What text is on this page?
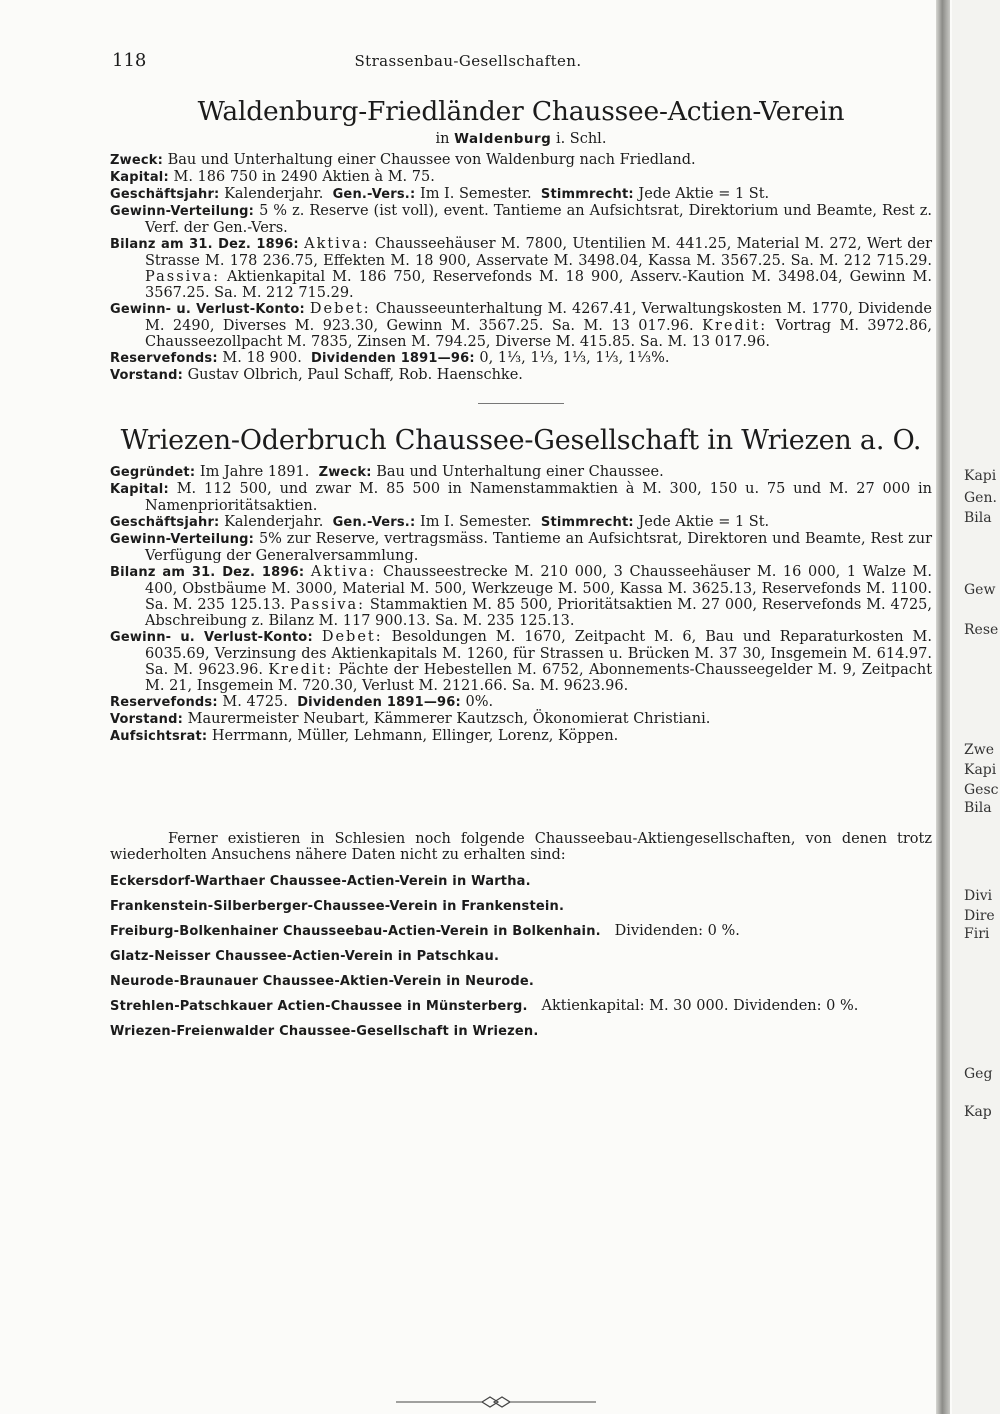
118	Strassenbau-Gesellschaften.
Waldenburg-Friedländer Chaussee-Actien-Verein
in Waldenburg i. Schl.

Zweck: Bau und Unterhaltung einer Chaussee von Waldenburg nach Friedland.

Kapital: M. 186 750 in 2490 Aktien à M. 75.

Geschäftsjahr: Kalenderjahr. Gen.-Vers.: Im I. Semester. Stimmrecht: Jede Aktie = 1 St.

Gewinn-Verteilung: 5 % z. Reserve (ist voll), event. Tantieme an Aufsichtsrat, Direktorium und Beamte, Rest z. Verf. der Gen.-Vers.

Bilanz am 31. Dez. 1896: Aktiva: Chausseehäuser M. 7800, Utentilien M. 441.25, Material M. 272, Wert der Strasse M. 178 236.75, Effekten M. 18 900, Asservate M. 3498.04, Kassa M. 3567.25. Sa. M. 212 715.29. Passiva: Aktienkapital M. 186 750, Reservefonds M. 18 900, Asserv.-Kaution M. 3498.04, Gewinn M. 3567.25. Sa. M. 212 715.29.

Gewinn- u. Verlust-Konto: Debet: Chausseeunterhaltung M. 4267.41, Verwaltungskosten M. 1770, Dividende M. 2490, Diverses M. 923.30, Gewinn M. 3567.25. Sa. M. 13 017.96. Kredit: Vortrag M. 3972.86, Chausseezollpacht M. 7835, Zinsen M. 794.25, Diverse M. 415.85. Sa. M. 13 017.96.

Reservefonds: M. 18 900. Dividenden 1891—96: 0, 1⅓, 1⅓, 1⅓, 1⅓, 1⅓%.

Vorstand: Gustav Olbrich, Paul Schaff, Rob. Haenschke.

Wriezen-Oderbruch Chaussee-Gesellschaft in Wriezen a. O.

Gegründet: Im Jahre 1891. Zweck: Bau und Unterhaltung einer Chaussee.

Kapital: M. 112 500, und zwar M. 85 500 in Namenstammaktien à M. 300, 150 u. 75 und M. 27 000 in Namenprioritätsaktien.

Geschäftsjahr: Kalenderjahr. Gen.-Vers.: Im I. Semester. Stimmrecht: Jede Aktie = 1 St.

Gewinn-Verteilung: 5% zur Reserve, vertragsmäss. Tantieme an Aufsichtsrat, Direktoren und Beamte, Rest zur Verfügung der Generalversammlung.

Bilanz am 31. Dez. 1896: Aktiva: Chausseestrecke M. 210 000, 3 Chausseehäuser M. 16 000, 1 Walze M. 400, Obstbäume M. 3000, Material M. 500, Werkzeuge M. 500, Kassa M. 3625.13, Reservefonds M. 1100. Sa. M. 235 125.13. Passiva: Stammaktien M. 85 500, Prioritätsaktien M. 27 000, Reservefonds M. 4725, Abschreibung z. Bilanz M. 117 900.13. Sa. M. 235 125.13.

Gewinn- u. Verlust-Konto: Debet: Besoldungen M. 1670, Zeitpacht M. 6, Bau und Reparaturkosten M. 6035.69, Verzinsung des Aktienkapitals M. 1260, für Strassen u. Brücken M. 37 30, Insgemein M. 614.97. Sa. M. 9623.96. Kredit: Pächte der Hebestellen M. 6752, Abonnements-Chausseegelder M. 9, Zeitpacht M. 21, Insgemein M. 720.30, Verlust M. 2121.66. Sa. M. 9623.96.

Reservefonds: M. 4725. Dividenden 1891—96: 0%.

Vorstand: Maurermeister Neubart, Kämmerer Kautzsch, Ökonomierat Christiani.

Aufsichtsrat: Herrmann, Müller, Lehmann, Ellinger, Lorenz, Köppen.

Ferner existieren in Schlesien noch folgende Chausseebau-Aktiengesellschaften, von denen trotz wiederholten Ansuchens nähere Daten nicht zu erhalten sind:

Eckersdorf-Warthaer Chaussee-Actien-Verein in Wartha.

Frankenstein-Silberberger-Chaussee-Verein in Frankenstein.

Freiburg-Bolkenhainer Chausseebau-Actien-Verein in Bolkenhain. Dividenden: 0 %.

Glatz-Neisser Chaussee-Actien-Verein in Patschkau.

Neurode-Braunauer Chaussee-Aktien-Verein in Neurode.

Strehlen-Patschkauer Actien-Chaussee in Münsterberg. Aktienkapital: M. 30 000. Dividenden: 0 %.

Wriezen-Freienwalder Chaussee-Gesellschaft in Wriezen.

Kapi
Gen.
Bila
Gew
Rese
Zwe
Kapi
Gesc
Bila
Divi
Dire
Firi
Geg
Kap
